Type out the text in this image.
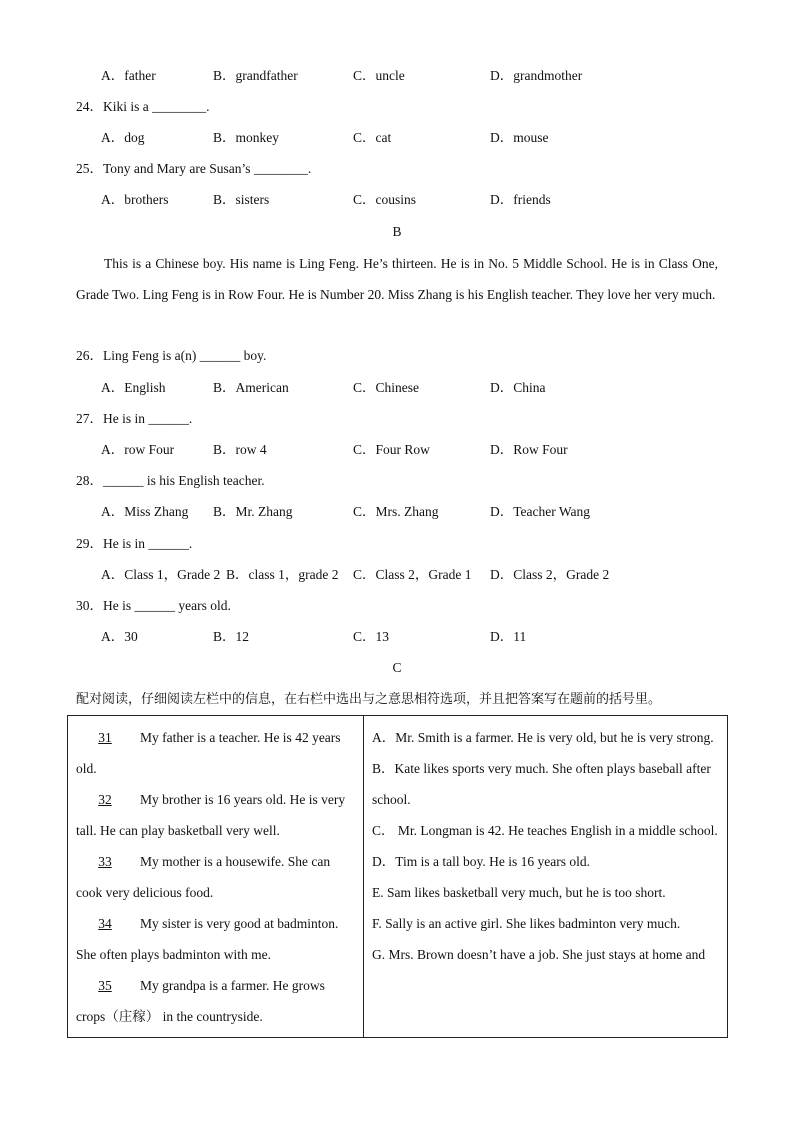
A．father	B．grandfather	C．uncle	D．grandmother
24．Kiki is a ________.
A．dog	B．monkey	C．cat	D．mouse
25．Tony and Mary are Susan’s ________.
A．brothers	B．sisters	C．cousins	D．friends
B
This is a Chinese boy. His name is Ling Feng. He’s thirteen. He is in No. 5 Middle School. He is in Class One, Grade Two. Ling Feng is in Row Four. He is Number 20. Miss Zhang is his English teacher. They love her very much.
26．Ling Feng is a(n) ______ boy.
A．English	B．American	C．Chinese	D．China
27．He is in ______.
A．row Four	B．row 4	C．Four Row	D．Row Four
28．______ is his English teacher.
A．Miss Zhang B．Mr. Zhang	C．Mrs. Zhang	D．Teacher Wang
29．He is in ______.
A．Class 1，Grade 2 B．class 1，grade 2 C．Class 2，Grade 1 D．Class 2，Grade 2
30．He is ______ years old.
A．30	B．12	C．13	D．11
C
配对阅读，仔细阅读左栏中的信息，在右栏中选出与之意思相符选项，并且把答案写在题前的括号里。
31 My father is a teacher. He is 42 years old.
32 My brother is 16 years old. He is very tall. He can play basketball very well.
33 My mother is a housewife. She can cook very delicious food.
34 My sister is very good at badminton. She often plays badminton with me.
35 My grandpa is a farmer. He grows crops（庄稼） in the countryside.

A．Mr. Smith is a farmer. He is very old, but he is very strong.
B．Kate likes sports very much. She often plays baseball after school.
C． Mr. Longman is 42. He teaches English in a middle school.
D．Tim is a tall boy. He is 16 years old.
E. Sam likes basketball very much, but he is too short.
F. Sally is an active girl. She likes badminton very much.
G. Mrs. Brown doesn’t have a job. She just stays at home and
